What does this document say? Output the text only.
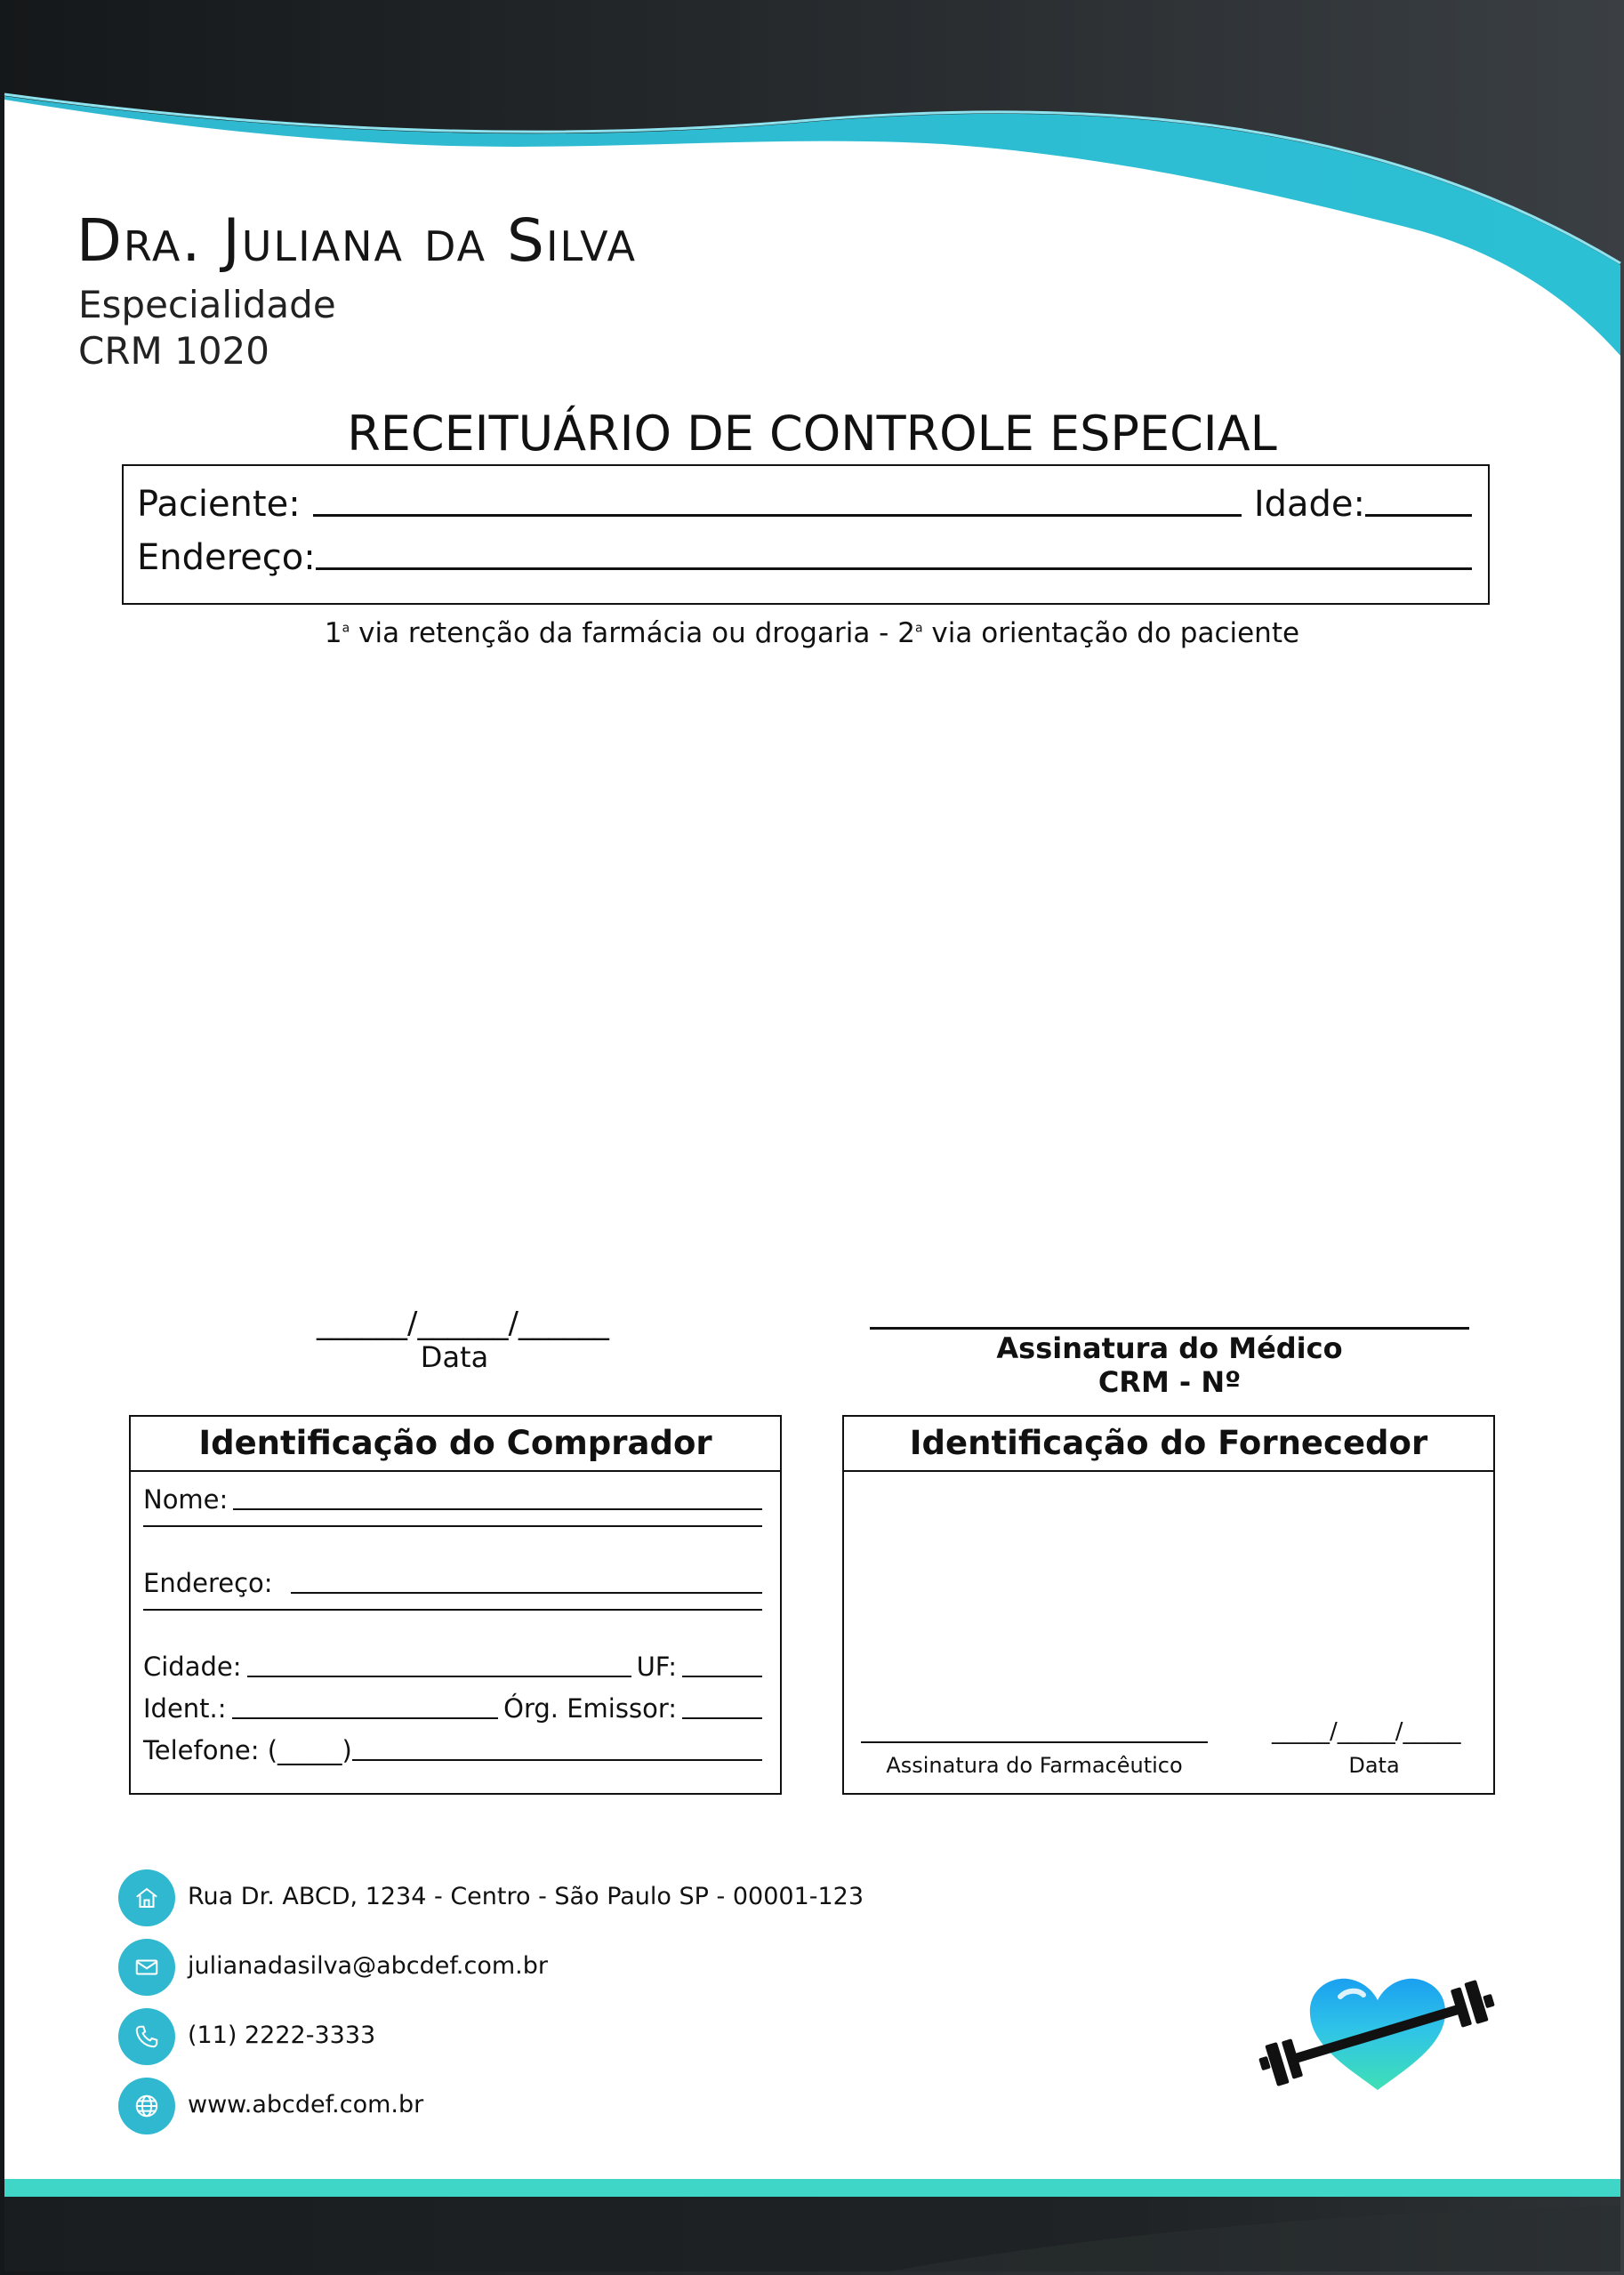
Dra. Juliana da Silva
Especialidade
CRM 1020
RECEITUÁRIO DE CONTROLE ESPECIAL
Paciente:	Idade:
Endereço:
1$^a$ via retenção da farmácia ou drogaria - 2$^a$ via orientação do paciente
______/______/______
Data	Assinatura do Médico
CRM - Nº
Identificação do Comprador
Nome:
Endereço:
Cidade:	UF:
Ident.:	Órg. Emissor:
Telefone: (_____)
Identificação do Fornecedor
Assinatura do Farmacêutico
_____/_____/_____
Data
Rua Dr. ABCD, 1234 - Centro - São Paulo SP - 00001-123
julianadasilva@abcdef.com.br
(11) 2222-3333
www.abcdef.com.br
